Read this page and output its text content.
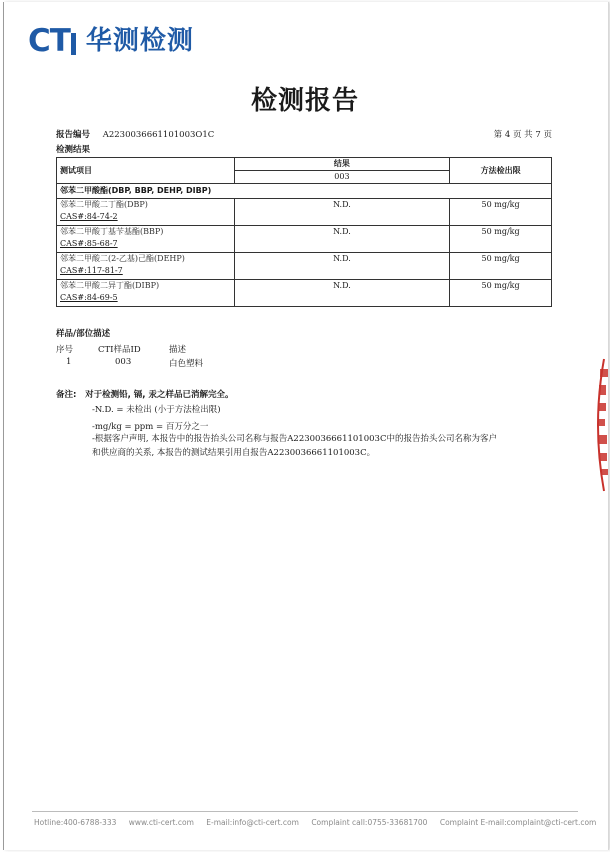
CT 华测检测
检测报告
报告编号 A2230036661101003O1C	第 4 页 共 7 页
检测结果
测试项目	结果	方法检出限
	003	
邻苯二甲酸酯(DBP, BBP, DEHP, DIBP)		

邻苯二甲酸二丁酯(DBP)
CAS#:84-74-2	N.D.	50 mg/kg

邻苯二甲酸丁基苄基酯(BBP)
CAS#:85-68-7	N.D.	50 mg/kg

邻苯二甲酸二(2-乙基)己酯(DEHP)
CAS#:117-81-7	N.D.	50 mg/kg

邻苯二甲酸二异丁酯(DIBP)
CAS#:84-69-5	N.D.	50 mg/kg
样品/部位描述
序号	CTI样品ID	描述
1	003	白色塑料
备注: 对于检测铅, 镉, 汞之样品已消解完全。
-N.D. = 未检出 (小于方法检出限)
-mg/kg = ppm = 百万分之一
-根据客户声明, 本报告中的报告抬头公司名称与报告A2230036661101003C中的报告抬头公司名称为客户
和供应商的关系, 本报告的测试结果引用自报告A2230036661101003C。
Hotline:400-6788-333 www.cti-cert.com E-mail:info@cti-cert.com Complaint call:0755-33681700 Complaint E-mail:complaint@cti-cert.com
